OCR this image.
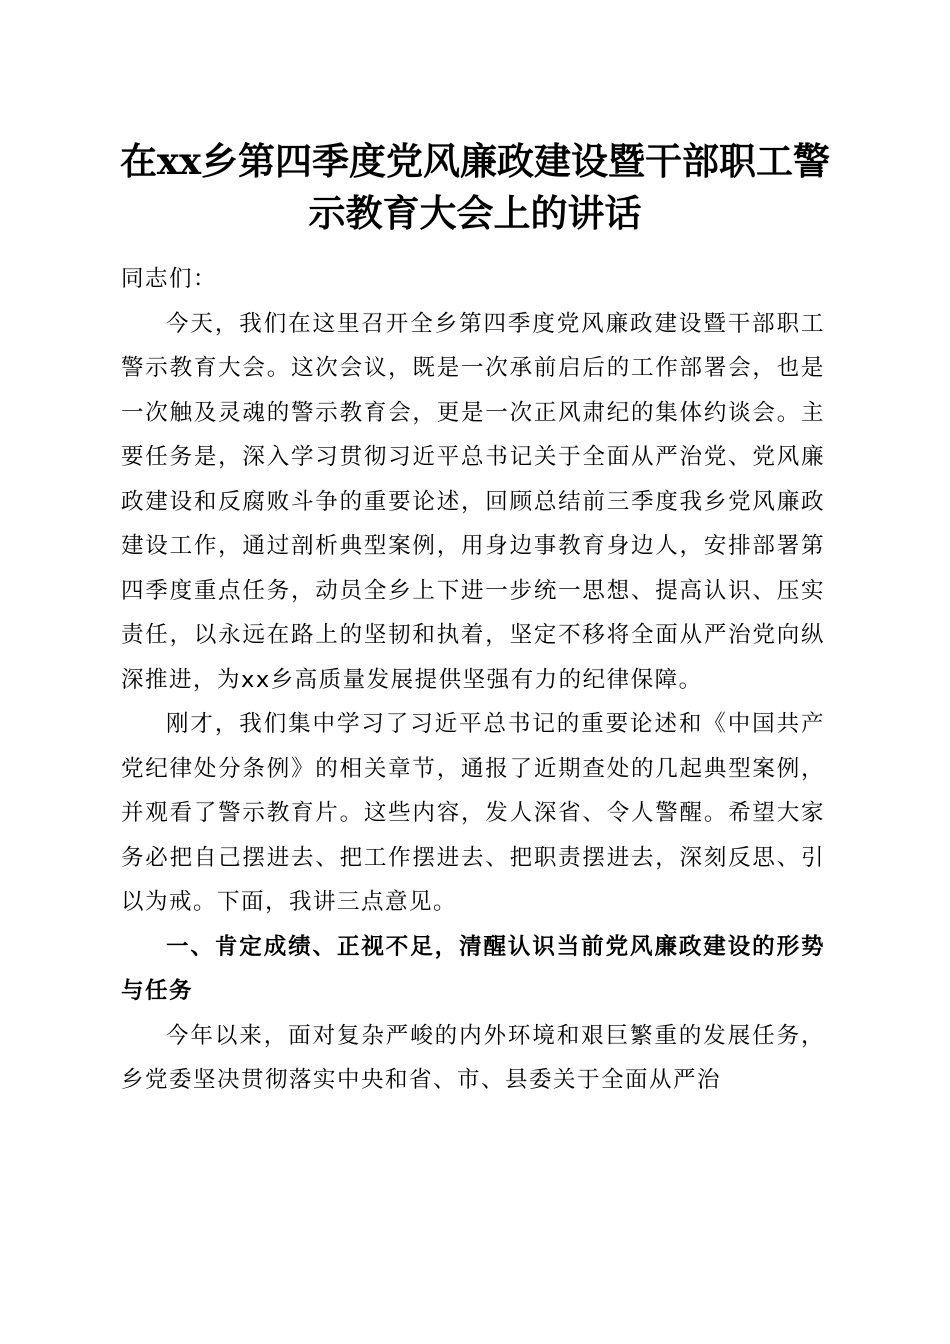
在xx乡第四季度党风廉政建设暨干部职工警示教育大会上的讲话

同志们：

今天，我们在这里召开全乡第四季度党风廉政建设暨干部职工警示教育大会。这次会议，既是一次承前启后的工作部署会，也是一次触及灵魂的警示教育会，更是一次正风肃纪的集体约谈会。主要任务是，深入学习贯彻习近平总书记关于全面从严治党、党风廉政建设和反腐败斗争的重要论述，回顾总结前三季度我乡党风廉政建设工作，通过剖析典型案例，用身边事教育身边人，安排部署第四季度重点任务，动员全乡上下进一步统一思想、提高认识、压实责任，以永远在路上的坚韧和执着，坚定不移将全面从严治党向纵深推进，为xx乡高质量发展提供坚强有力的纪律保障。

刚才，我们集中学习了习近平总书记的重要论述和《中国共产党纪律处分条例》的相关章节，通报了近期查处的几起典型案例，并观看了警示教育片。这些内容，发人深省、令人警醒。希望大家务必把自己摆进去、把工作摆进去、把职责摆进去，深刻反思、引以为戒。下面，我讲三点意见。

一、肯定成绩、正视不足，清醒认识当前党风廉政建设的形势与任务

今年以来，面对复杂严峻的内外环境和艰巨繁重的发展任务，乡党委坚决贯彻落实中央和省、市、县委关于全面从严治
